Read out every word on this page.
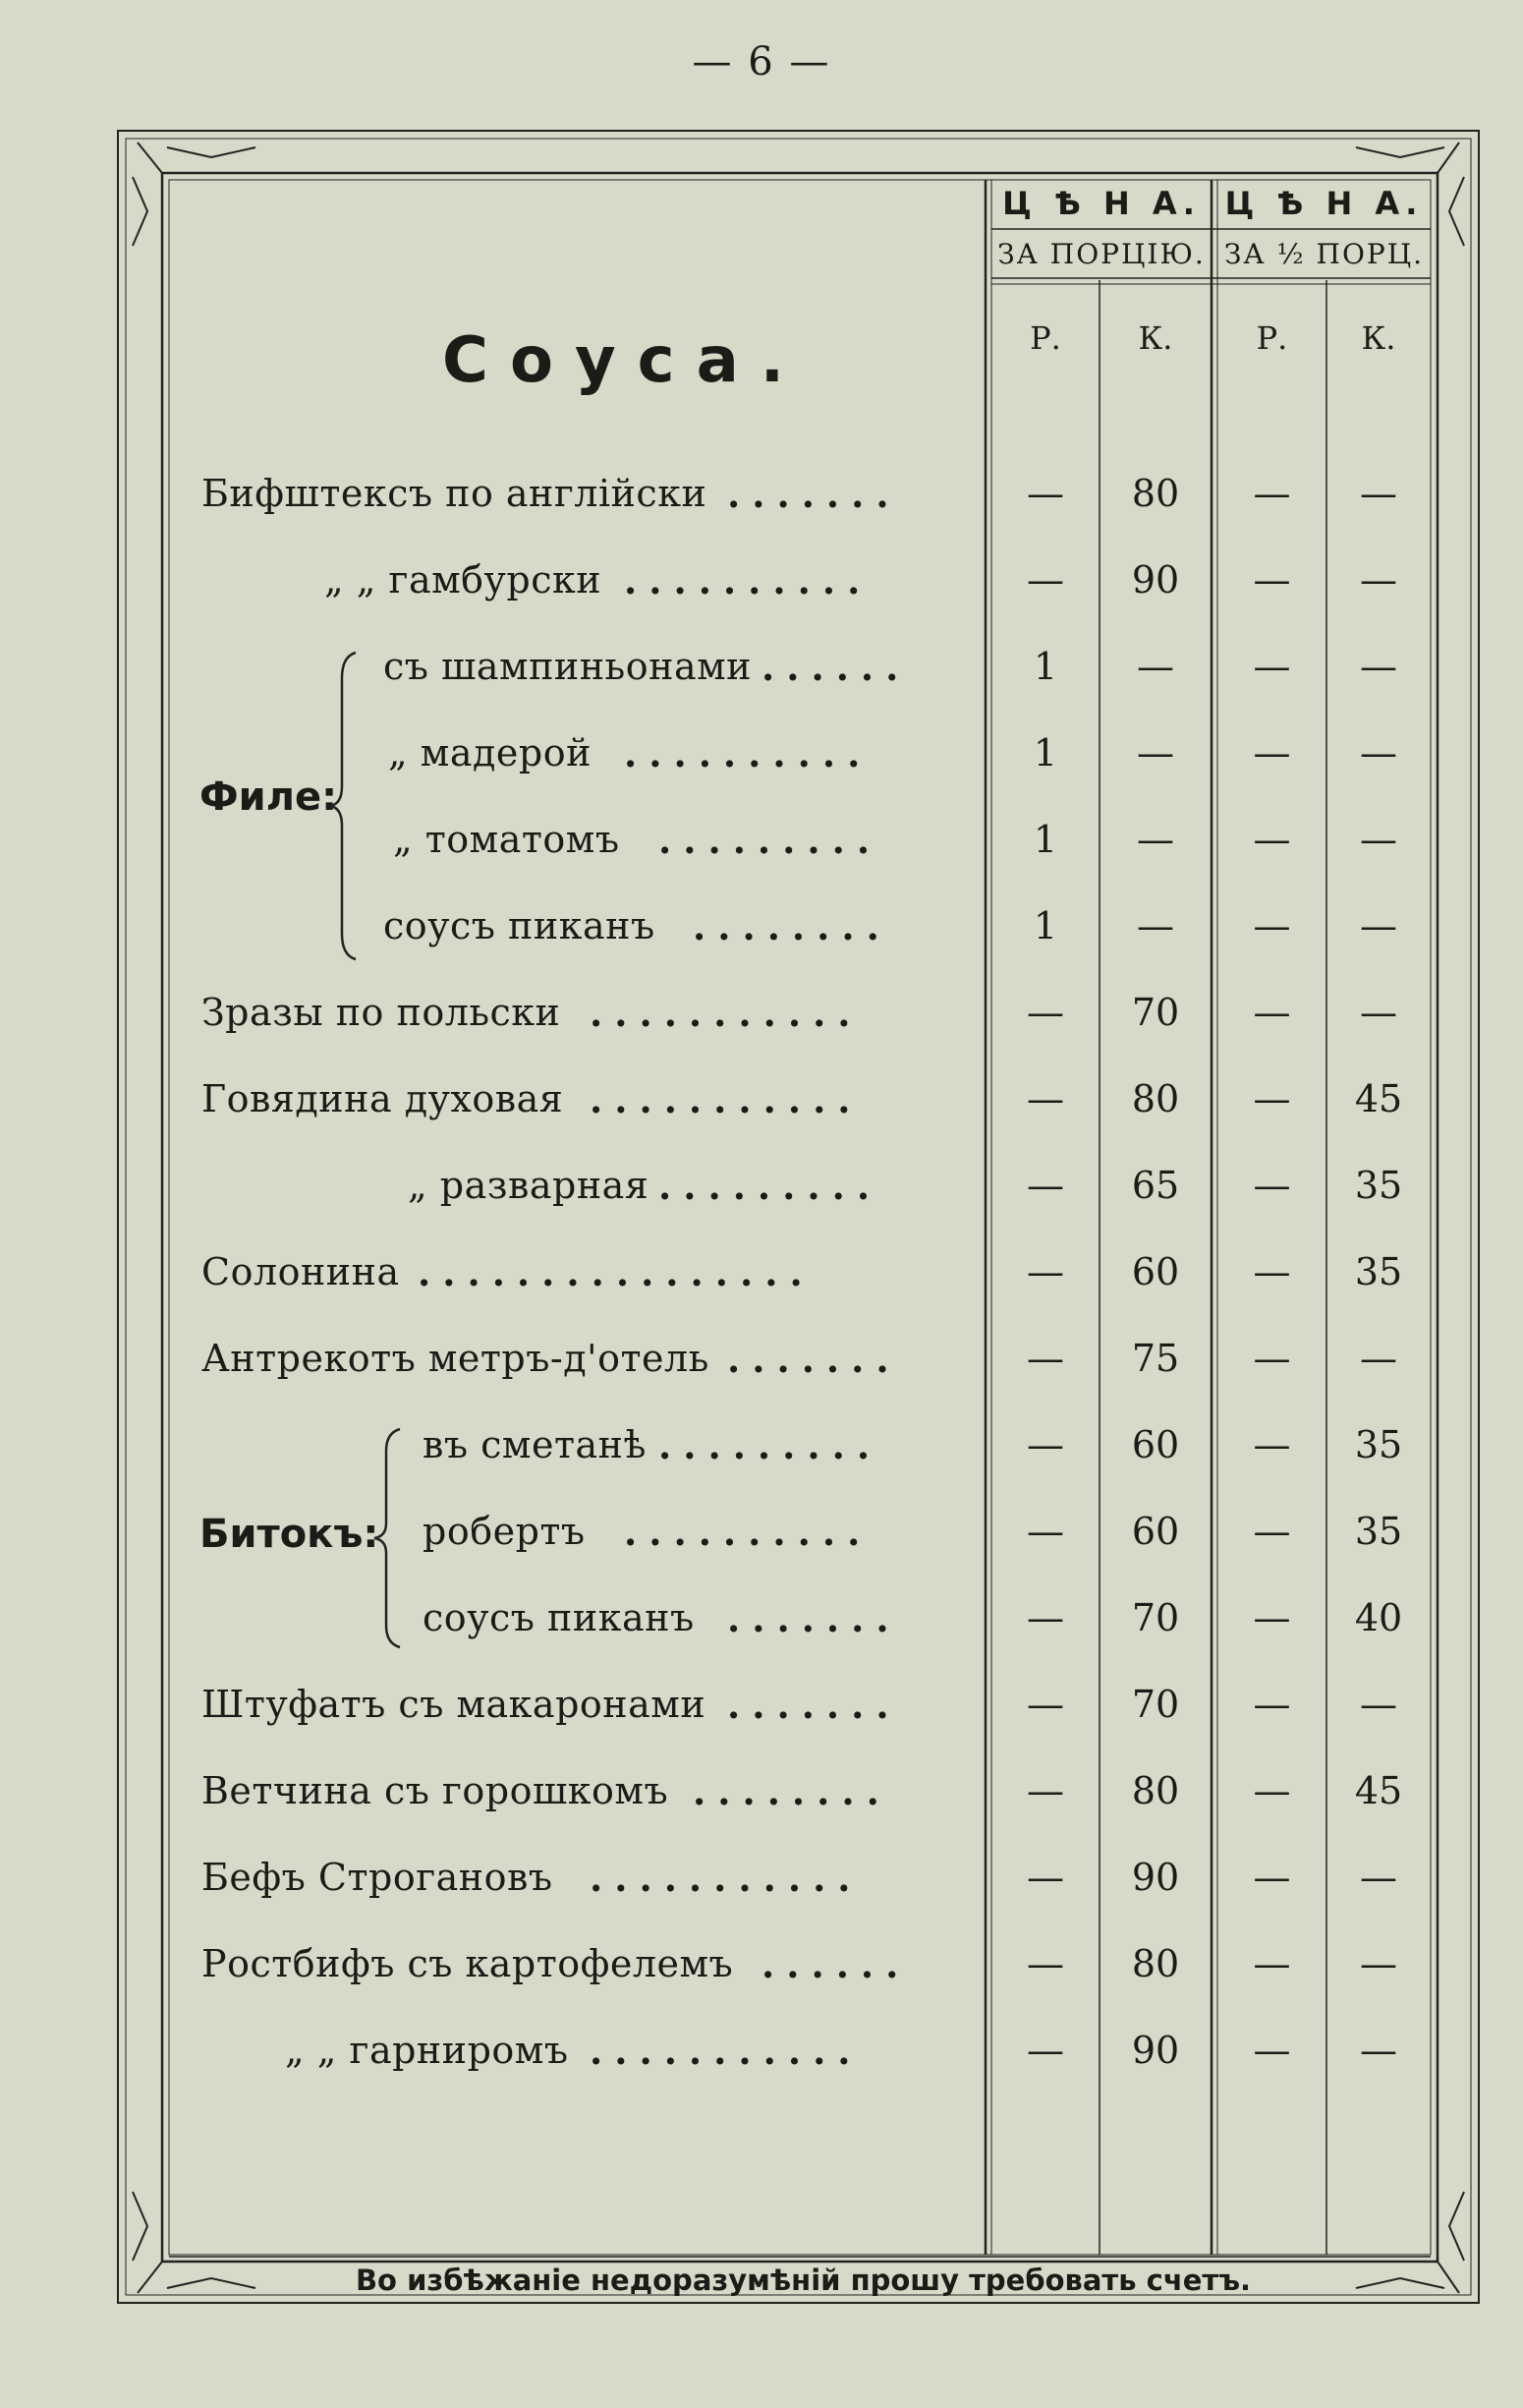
— 6 —
Ц Ѣ Н А.
ЗА ПОРЦІЮ.
Ц Ѣ Н А.
ЗА ½ ПОРЦ.
Р.	К.	Р.	К.
Соуса.
Филе:
Битокъ:
Бифштексъ по англійски .......	—	80	—	—
„ „ гамбурски ..........	—	90	—	—
съ шампиньонами ......	1	—	—	—
„ мадерой ..........	1	—	—	—
„ томатомъ .........	1	—	—	—
соусъ пиканъ ........	1	—	—	—
Зразы по польски ...........	—	70	—	—
Говядина духовая ...........	—	80	—	45
„ разварная .........	—	65	—	35
Солонина ................	—	60	—	35
Антрекотъ метръ-д'отель .......	—	75	—	—
въ сметанѣ .........	—	60	—	35
робертъ ..........	—	60	—	35
соусъ пиканъ .......	—	70	—	40
Штуфатъ съ макаронами .......	—	70	—	—
Ветчина съ горошкомъ ........	—	80	—	45
Бефъ Строгановъ ...........	—	90	—	—
Ростбифъ съ картофелемъ ......	—	80	—	—
„ „ гарниромъ ...........	—	90	—	—
Во избѣжаніе недоразумѣній прошу требовать счетъ.
